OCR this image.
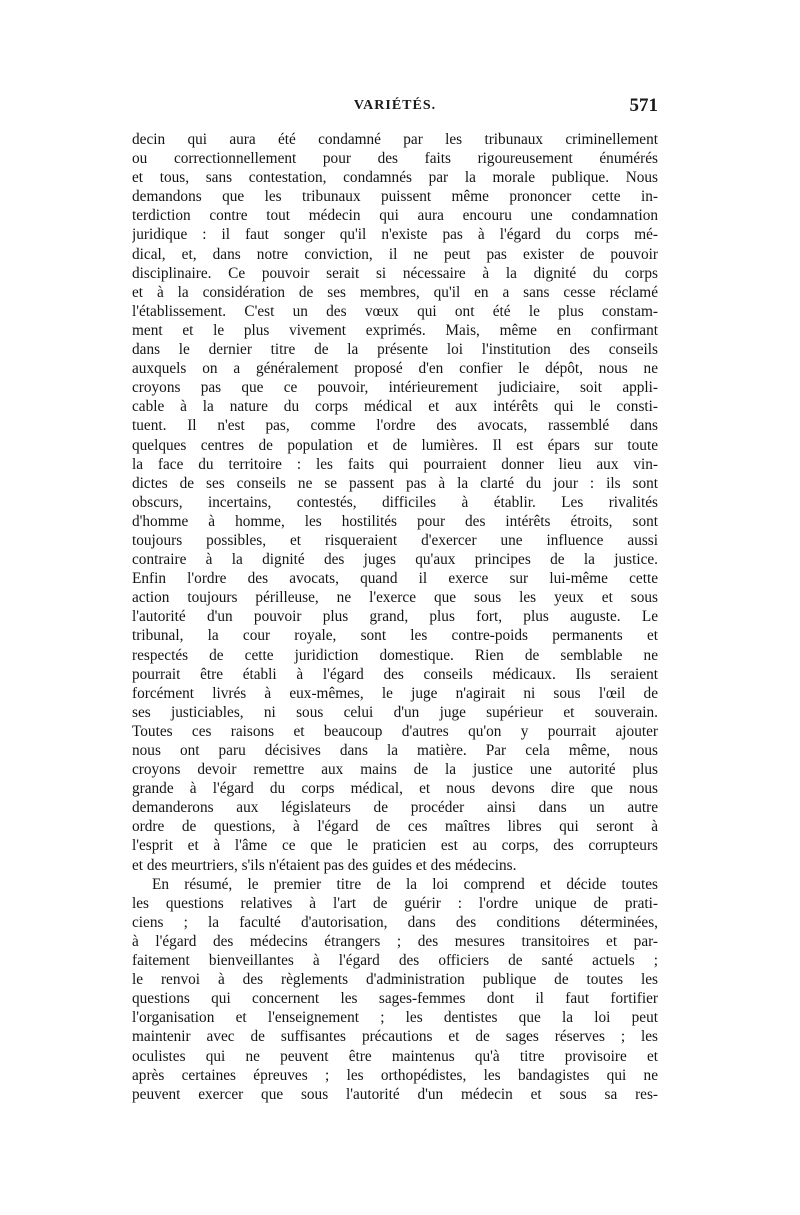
VARIÉTÉS.	571
decin qui aura été condamné par les tribunaux criminellement
ou correctionnellement pour des faits rigoureusement énumérés
et tous, sans contestation, condamnés par la morale publique. Nous
demandons que les tribunaux puissent même prononcer cette in-
terdiction contre tout médecin qui aura encouru une condamnation
juridique : il faut songer qu'il n'existe pas à l'égard du corps mé-
dical, et, dans notre conviction, il ne peut pas exister de pouvoir
disciplinaire. Ce pouvoir serait si nécessaire à la dignité du corps
et à la considération de ses membres, qu'il en a sans cesse réclamé
l'établissement. C'est un des vœux qui ont été le plus constam-
ment et le plus vivement exprimés. Mais, même en confirmant
dans le dernier titre de la présente loi l'institution des conseils
auxquels on a généralement proposé d'en confier le dépôt, nous ne
croyons pas que ce pouvoir, intérieurement judiciaire, soit appli-
cable à la nature du corps médical et aux intérêts qui le consti-
tuent. Il n'est pas, comme l'ordre des avocats, rassemblé dans
quelques centres de population et de lumières. Il est épars sur toute
la face du territoire : les faits qui pourraient donner lieu aux vin-
dictes de ses conseils ne se passent pas à la clarté du jour : ils sont
obscurs, incertains, contestés, difficiles à établir. Les rivalités
d'homme à homme, les hostilités pour des intérêts étroits, sont
toujours possibles, et risqueraient d'exercer une influence aussi
contraire à la dignité des juges qu'aux principes de la justice.
Enfin l'ordre des avocats, quand il exerce sur lui-même cette
action toujours périlleuse, ne l'exerce que sous les yeux et sous
l'autorité d'un pouvoir plus grand, plus fort, plus auguste. Le
tribunal, la cour royale, sont les contre-poids permanents et
respectés de cette juridiction domestique. Rien de semblable ne
pourrait être établi à l'égard des conseils médicaux. Ils seraient
forcément livrés à eux-mêmes, le juge n'agirait ni sous l'œil de
ses justiciables, ni sous celui d'un juge supérieur et souverain.
Toutes ces raisons et beaucoup d'autres qu'on y pourrait ajouter
nous ont paru décisives dans la matière. Par cela même, nous
croyons devoir remettre aux mains de la justice une autorité plus
grande à l'égard du corps médical, et nous devons dire que nous
demanderons aux législateurs de procéder ainsi dans un autre
ordre de questions, à l'égard de ces maîtres libres qui seront à
l'esprit et à l'âme ce que le praticien est au corps, des corrupteurs
et des meurtriers, s'ils n'étaient pas des guides et des médecins.
En résumé, le premier titre de la loi comprend et décide toutes
les questions relatives à l'art de guérir : l'ordre unique de prati-
ciens ; la faculté d'autorisation, dans des conditions déterminées,
à l'égard des médecins étrangers ; des mesures transitoires et par-
faitement bienveillantes à l'égard des officiers de santé actuels ;
le renvoi à des règlements d'administration publique de toutes les
questions qui concernent les sages-femmes dont il faut fortifier
l'organisation et l'enseignement ; les dentistes que la loi peut
maintenir avec de suffisantes précautions et de sages réserves ; les
oculistes qui ne peuvent être maintenus qu'à titre provisoire et
après certaines épreuves ; les orthopédistes, les bandagistes qui ne
peuvent exercer que sous l'autorité d'un médecin et sous sa res-
